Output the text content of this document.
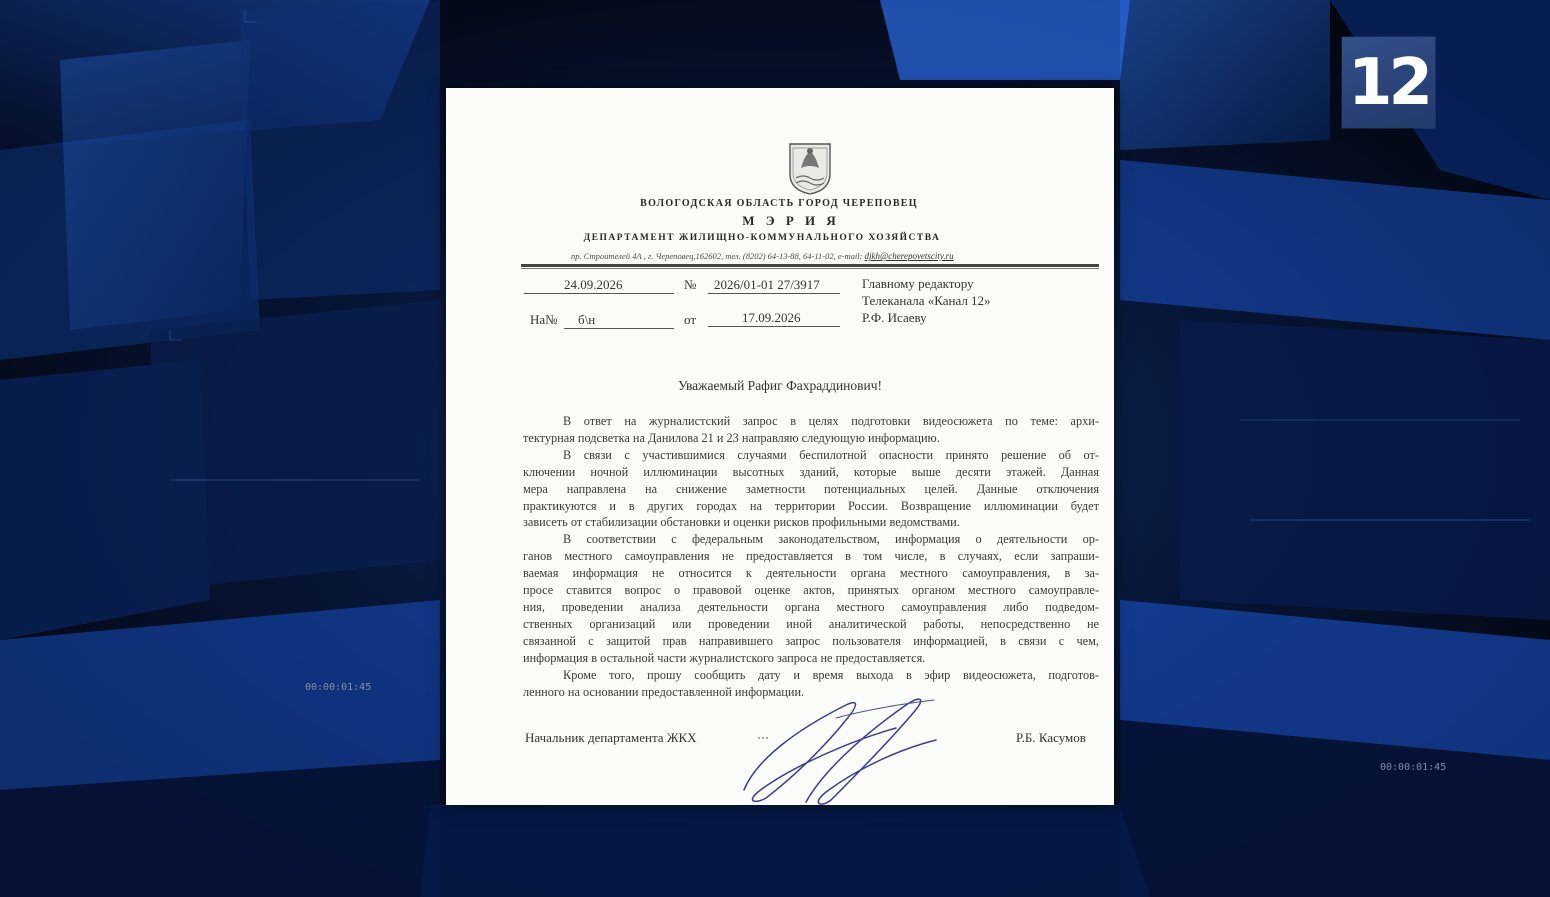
00:00:01:45
00:00:01:45
12

ВОЛОГОДСКАЯ ОБЛАСТЬ ГОРОД ЧЕРЕПОВЕЦ

М Э Р И Я

ДЕПАРТАМЕНТ ЖИЛИЩНО-КОММУНАЛЬНОГО ХОЗЯЙСТВА

пр. Строителей 4А , г. Череповец,162602, тел. (8202) 64-13-88, 64-11-02, e-mail: djkh@cherepovetscity.ru

24.09.2026	№ 2026/01-01 27/3917

На№ б\н	от	17.09.2026

Главному редактору

Телеканала «Канал 12»

Р.Ф. Исаеву

Уважаемый Рафиг Фахраддинович!

В ответ на журналистский запрос в целях подготовки видеосюжета по теме: архи-
тектурная подсветка на Данилова 21 и 23 направляю следующую информацию.
В связи с участившимися случаями беспилотной опасности принято решение об от-
ключении ночной иллюминации высотных зданий, которые выше десяти этажей. Данная
мера направлена на снижение заметности потенциальных целей. Данные отключения
практикуются и в других городах на территории России. Возвращение иллюминации будет
зависеть от стабилизации обстановки и оценки рисков профильными ведомствами.
В соответствии с федеральным законодательством, информация о деятельности ор-
ганов местного самоуправления не предоставляется в том числе, в случаях, если запраши-
ваемая информация не относится к деятельности органа местного самоуправления, в за-
просе ставится вопрос о правовой оценке актов, принятых органом местного самоуправле-
ния, проведении анализа деятельности органа местного самоуправления либо подведом-
ственных организаций или проведении иной аналитической работы, непосредственно не
связанной с защитой прав направившего запрос пользователя информацией, в связи с чем,
информация в остальной части журналистского запроса не предоставляется.
Кроме того, прошу сообщить дату и время выхода в эфир видеосюжета, подготов-
ленного на основании предоставленной информации.

Начальник департамента ЖКХ	Р.Б. Касумов
